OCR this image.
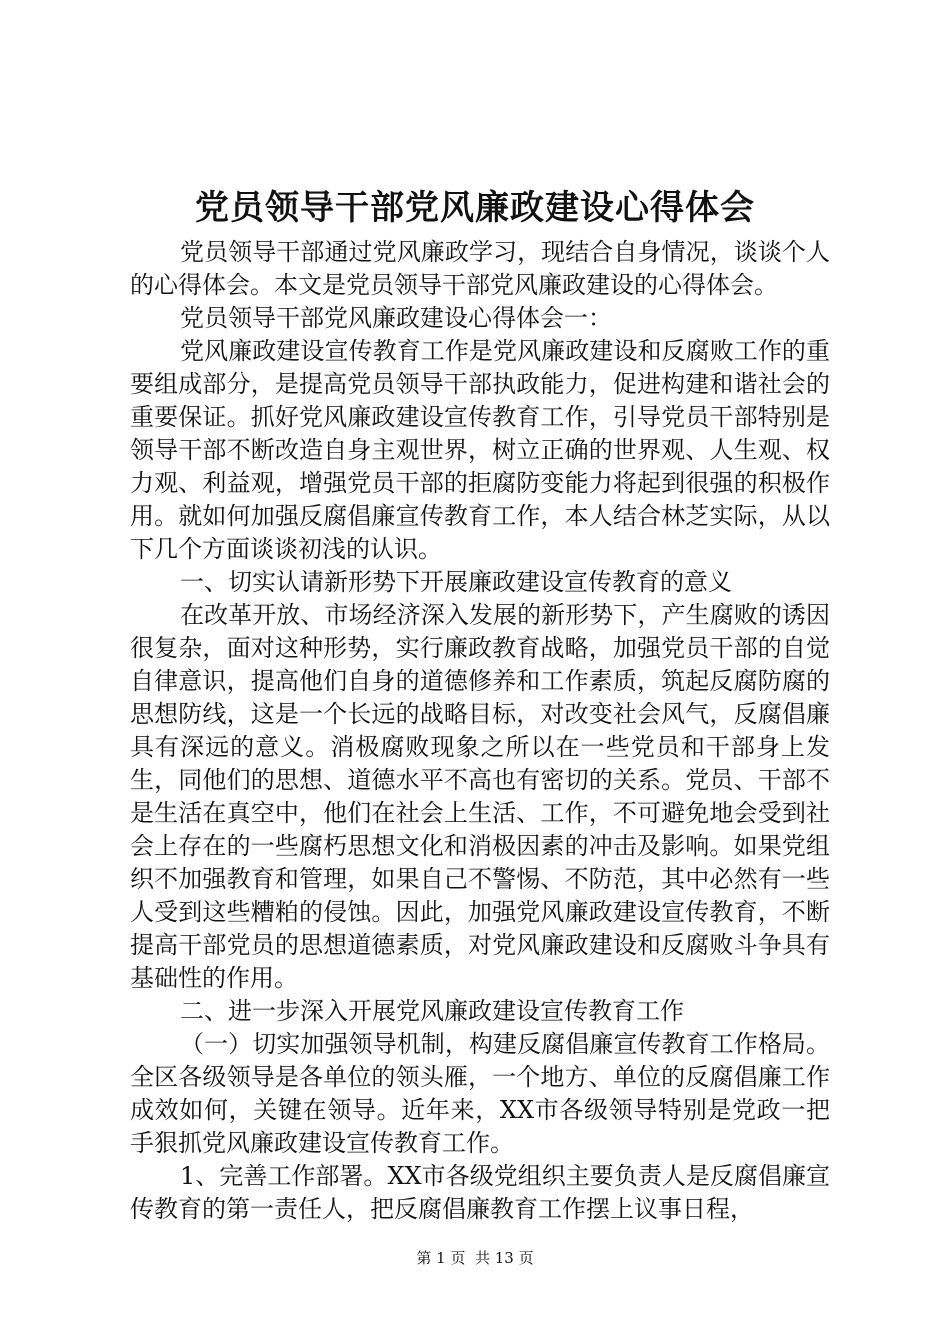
党员领导干部党风廉政建设心得体会

党员领导干部通过党风廉政学习，现结合自身情况，谈谈个人的心得体会。本文是党员领导干部党风廉政建设的心得体会。

党员领导干部党风廉政建设心得体会一：

党风廉政建设宣传教育工作是党风廉政建设和反腐败工作的重要组成部分，是提高党员领导干部执政能力，促进构建和谐社会的重要保证。抓好党风廉政建设宣传教育工作，引导党员干部特别是领导干部不断改造自身主观世界，树立正确的世界观、人生观、权力观、利益观，增强党员干部的拒腐防变能力将起到很强的积极作用。就如何加强反腐倡廉宣传教育工作，本人结合林芝实际，从以下几个方面谈谈初浅的认识。

一、切实认请新形势下开展廉政建设宣传教育的意义

在改革开放、市场经济深入发展的新形势下，产生腐败的诱因很复杂，面对这种形势，实行廉政教育战略，加强党员干部的自觉自律意识，提高他们自身的道德修养和工作素质，筑起反腐防腐的思想防线，这是一个长远的战略目标，对改变社会风气，反腐倡廉具有深远的意义。消极腐败现象之所以在一些党员和干部身上发生，同他们的思想、道德水平不高也有密切的关系。党员、干部不是生活在真空中，他们在社会上生活、工作，不可避免地会受到社会上存在的一些腐朽思想文化和消极因素的冲击及影响。如果党组织不加强教育和管理，如果自己不警惕、不防范，其中必然有一些人受到这些糟粕的侵蚀。因此，加强党风廉政建设宣传教育，不断提高干部党员的思想道德素质，对党风廉政建设和反腐败斗争具有基础性的作用。

二、进一步深入开展党风廉政建设宣传教育工作

（一）切实加强领导机制，构建反腐倡廉宣传教育工作格局。全区各级领导是各单位的领头雁，一个地方、单位的反腐倡廉工作成效如何，关键在领导。近年来，XX市各级领导特别是党政一把手狠抓党风廉政建设宣传教育工作。

1、完善工作部署。XX市各级党组织主要负责人是反腐倡廉宣传教育的第一责任人，把反腐倡廉教育工作摆上议事日程，

第 1 页  共 13 页
